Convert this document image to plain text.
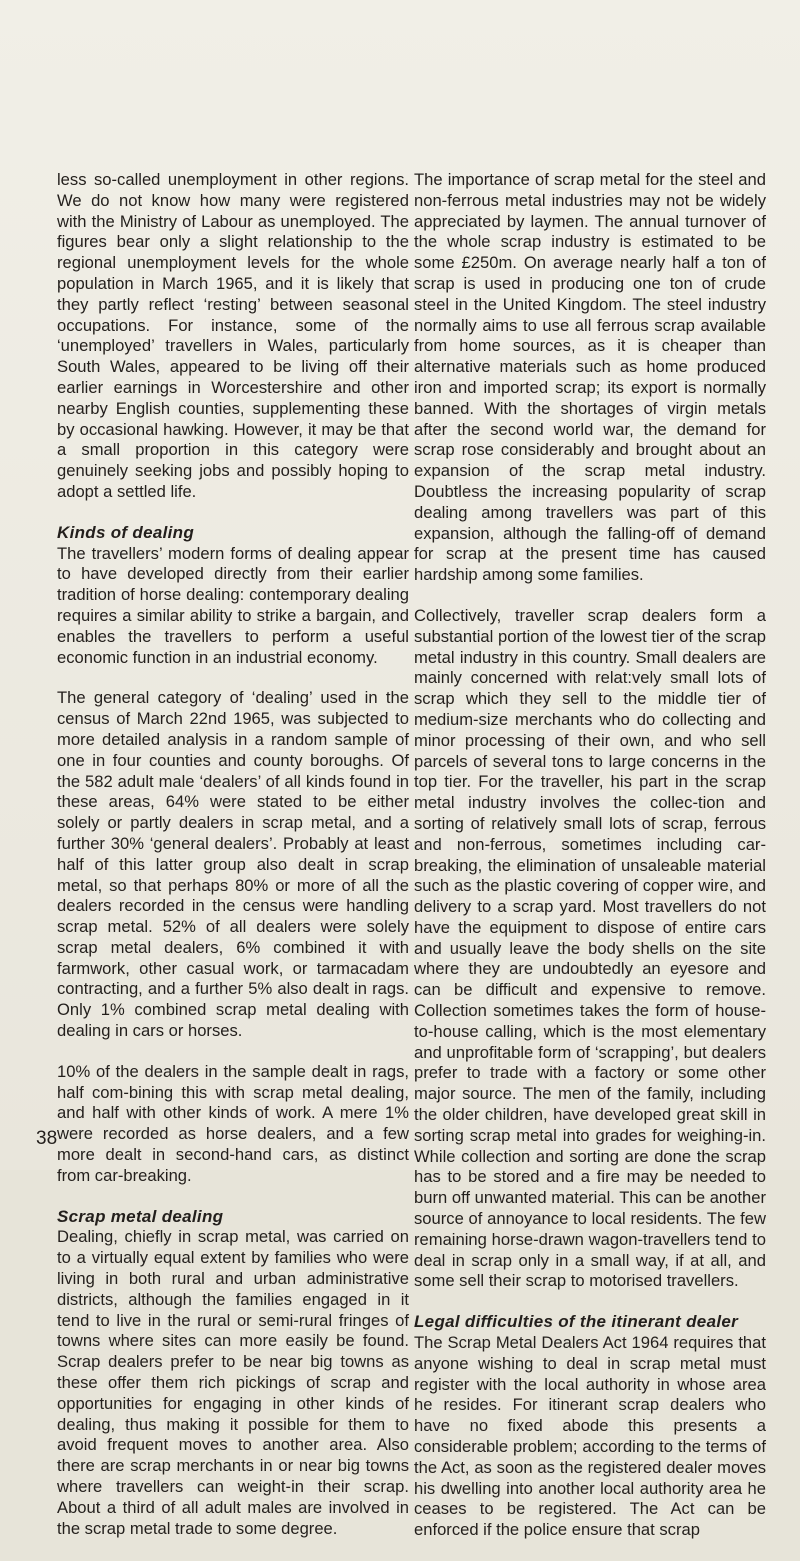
less so-called unemployment in other regions. We do not know how many were registered with the Ministry of Labour as unemployed. The figures bear only a slight relationship to the regional unemployment levels for the whole population in March 1965, and it is likely that they partly reflect ‘resting’ between seasonal occupations. For instance, some of the ‘unemployed’ travellers in Wales, particularly South Wales, appeared to be living off their earlier earnings in Worcestershire and other nearby English counties, supplementing these by occasional hawking. However, it may be that a small proportion in this category were genuinely seeking jobs and possibly hoping to adopt a settled life.

Kinds of dealing

The travellers’ modern forms of dealing appear to have developed directly from their earlier tradition of horse dealing: contemporary dealing requires a similar ability to strike a bargain, and enables the travellers to perform a useful economic function in an industrial economy.

The general category of ‘dealing’ used in the census of March 22nd 1965, was subjected to more detailed analysis in a random sample of one in four counties and county boroughs. Of the 582 adult male ‘dealers’ of all kinds found in these areas, 64% were stated to be either solely or partly dealers in scrap metal, and a further 30% ‘general dealers’. Probably at least half of this latter group also dealt in scrap metal, so that perhaps 80% or more of all the dealers recorded in the census were handling scrap metal. 52% of all dealers were solely scrap metal dealers, 6% combined it with farmwork, other casual work, or tarmacadam contracting, and a further 5% also dealt in rags. Only 1% combined scrap metal dealing with dealing in cars or horses.

10% of the dealers in the sample dealt in rags, half com-bining this with scrap metal dealing, and half with other kinds of work. A mere 1% were recorded as horse dealers, and a few more dealt in second-hand cars, as distinct from car-breaking.

Scrap metal dealing

Dealing, chiefly in scrap metal, was carried on to a virtually equal extent by families who were living in both rural and urban administrative districts, although the families engaged in it tend to live in the rural or semi-rural fringes of towns where sites can more easily be found. Scrap dealers prefer to be near big towns as these offer them rich pickings of scrap and opportunities for engaging in other kinds of dealing, thus making it possible for them to avoid frequent moves to another area. Also there are scrap merchants in or near big towns where travellers can weight-in their scrap. About a third of all adult males are involved in the scrap metal trade to some degree.

The importance of scrap metal for the steel and non-ferrous metal industries may not be widely appreciated by laymen. The annual turnover of the whole scrap industry is estimated to be some £250m. On average nearly half a ton of scrap is used in producing one ton of crude steel in the United Kingdom. The steel industry normally aims to use all ferrous scrap available from home sources, as it is cheaper than alternative materials such as home produced iron and imported scrap; its export is normally banned. With the shortages of virgin metals after the second world war, the demand for scrap rose considerably and brought about an expansion of the scrap metal industry. Doubtless the increasing popularity of scrap dealing among travellers was part of this expansion, although the falling-off of demand for scrap at the present time has caused hardship among some families.

Collectively, traveller scrap dealers form a substantial portion of the lowest tier of the scrap metal industry in this country. Small dealers are mainly concerned with relat:vely small lots of scrap which they sell to the middle tier of medium-size merchants who do collecting and minor processing of their own, and who sell parcels of several tons to large concerns in the top tier. For the traveller, his part in the scrap metal industry involves the collec-tion and sorting of relatively small lots of scrap, ferrous and non-ferrous, sometimes including car-breaking, the elimination of unsaleable material such as the plastic covering of copper wire, and delivery to a scrap yard. Most travellers do not have the equipment to dispose of entire cars and usually leave the body shells on the site where they are undoubtedly an eyesore and can be difficult and expensive to remove. Collection sometimes takes the form of house-to-house calling, which is the most elementary and unprofitable form of ‘scrapping’, but dealers prefer to trade with a factory or some other major source. The men of the family, including the older children, have developed great skill in sorting scrap metal into grades for weighing-in. While collection and sorting are done the scrap has to be stored and a fire may be needed to burn off unwanted material. This can be another source of annoyance to local residents. The few remaining horse-drawn wagon-travellers tend to deal in scrap only in a small way, if at all, and some sell their scrap to motorised travellers.

Legal difficulties of the itinerant dealer

The Scrap Metal Dealers Act 1964 requires that anyone wishing to deal in scrap metal must register with the local authority in whose area he resides. For itinerant scrap dealers who have no fixed abode this presents a considerable problem; according to the terms of the Act, as soon as the registered dealer moves his dwelling into another local authority area he ceases to be registered. The Act can be enforced if the police ensure that scrap

38
